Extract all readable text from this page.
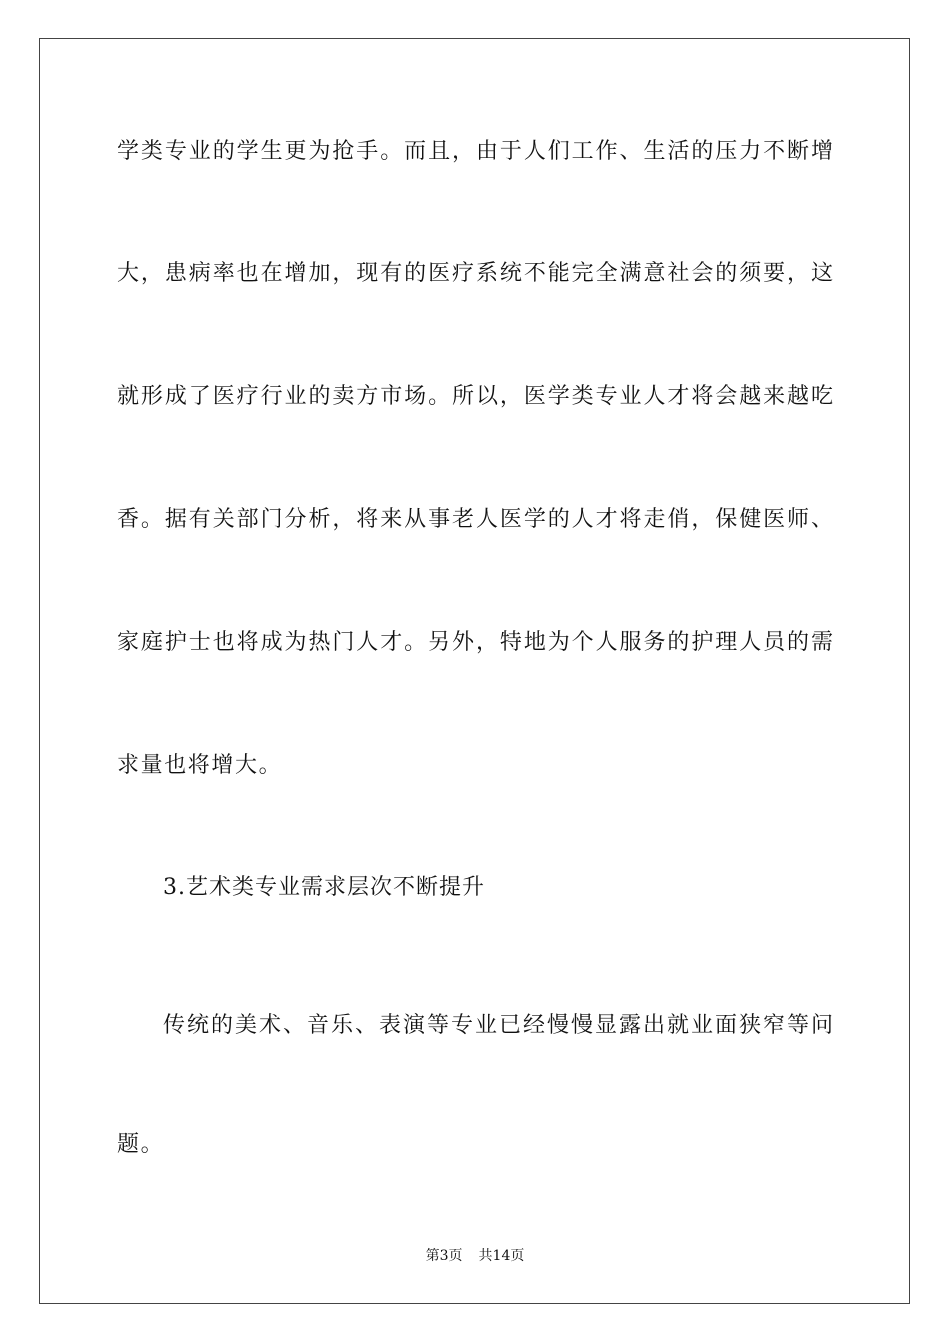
学类专业的学生更为抢手。而且，由于人们工作、生活的压力不断增
大，患病率也在增加，现有的医疗系统不能完全满意社会的须要，这
就形成了医疗行业的卖方市场。所以，医学类专业人才将会越来越吃
香。据有关部门分析，将来从事老人医学的人才将走俏，保健医师、
家庭护士也将成为热门人才。另外，特地为个人服务的护理人员的需
求量也将增大。
3.艺术类专业需求层次不断提升
传统的美术、音乐、表演等专业已经慢慢显露出就业面狭窄等问
题。
第3页 共14页
